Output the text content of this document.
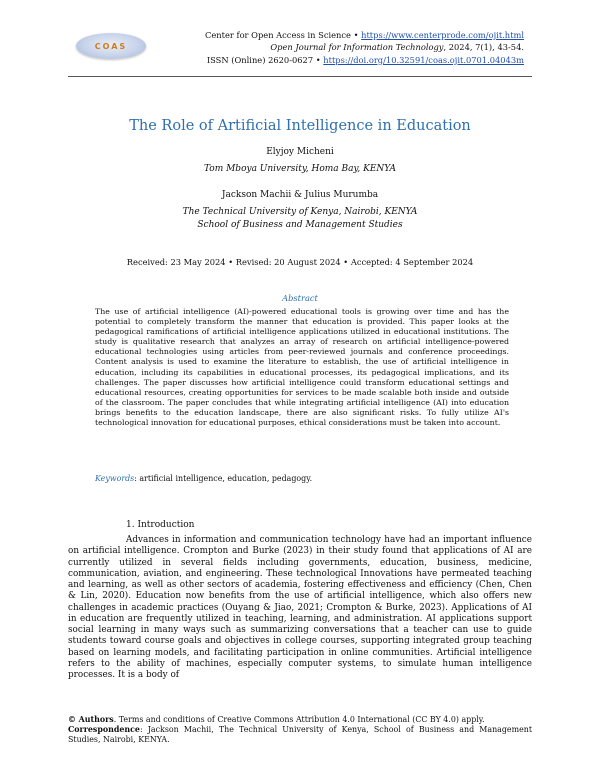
COAS
Center for Open Access in Science • https://www.centerprode.com/ojit.html
Open Journal for Information Technology, 2024, 7(1), 43-54.
ISSN (Online) 2620-0627 • https://doi.org/10.32591/coas.ojit.0701.04043m
The Role of Artificial Intelligence in Education
Elyjoy Micheni
Tom Mboya University, Homa Bay, KENYA
Jackson Machii & Julius Murumba
The Technical University of Kenya, Nairobi, KENYA
School of Business and Management Studies
Received: 23 May 2024 • Revised: 20 August 2024 • Accepted: 4 September 2024
Abstract
The use of artificial intelligence (AI)-powered educational tools is growing over time and has the potential to completely transform the manner that education is provided. This paper looks at the pedagogical ramifications of artificial intelligence applications utilized in educational institutions. The study is qualitative research that analyzes an array of research on artificial intelligence-powered educational technologies using articles from peer-reviewed journals and conference proceedings. Content analysis is used to examine the literature to establish, the use of artificial intelligence in education, including its capabilities in educational processes, its pedagogical implications, and its challenges. The paper discusses how artificial intelligence could transform educational settings and educational resources, creating opportunities for services to be made scalable both inside and outside of the classroom. The paper concludes that while integrating artificial intelligence (AI) into education brings benefits to the education landscape, there are also significant risks. To fully utilize AI's technological innovation for educational purposes, ethical considerations must be taken into account.
Keywords: artificial intelligence, education, pedagogy.
1. Introduction
Advances in information and communication technology have had an important influence on artificial intelligence. Crompton and Burke (2023) in their study found that applications of AI are currently utilized in several fields including governments, education, business, medicine, communication, aviation, and engineering. These technological Innovations have permeated teaching and learning, as well as other sectors of academia, fostering effectiveness and efficiency (Chen, Chen & Lin, 2020). Education now benefits from the use of artificial intelligence, which also offers new challenges in academic practices (Ouyang & Jiao, 2021; Crompton & Burke, 2023). Applications of AI in education are frequently utilized in teaching, learning, and administration. AI applications support social learning in many ways such as summarizing conversations that a teacher can use to guide students toward course goals and objectives in college courses, supporting integrated group teaching based on learning models, and facilitating participation in online communities. Artificial intelligence refers to the ability of machines, especially computer systems, to simulate human intelligence processes. It is a body of
© Authors. Terms and conditions of Creative Commons Attribution 4.0 International (CC BY 4.0) apply.
Correspondence: Jackson Machii, The Technical University of Kenya, School of Business and Management Studies, Nairobi, KENYA.
